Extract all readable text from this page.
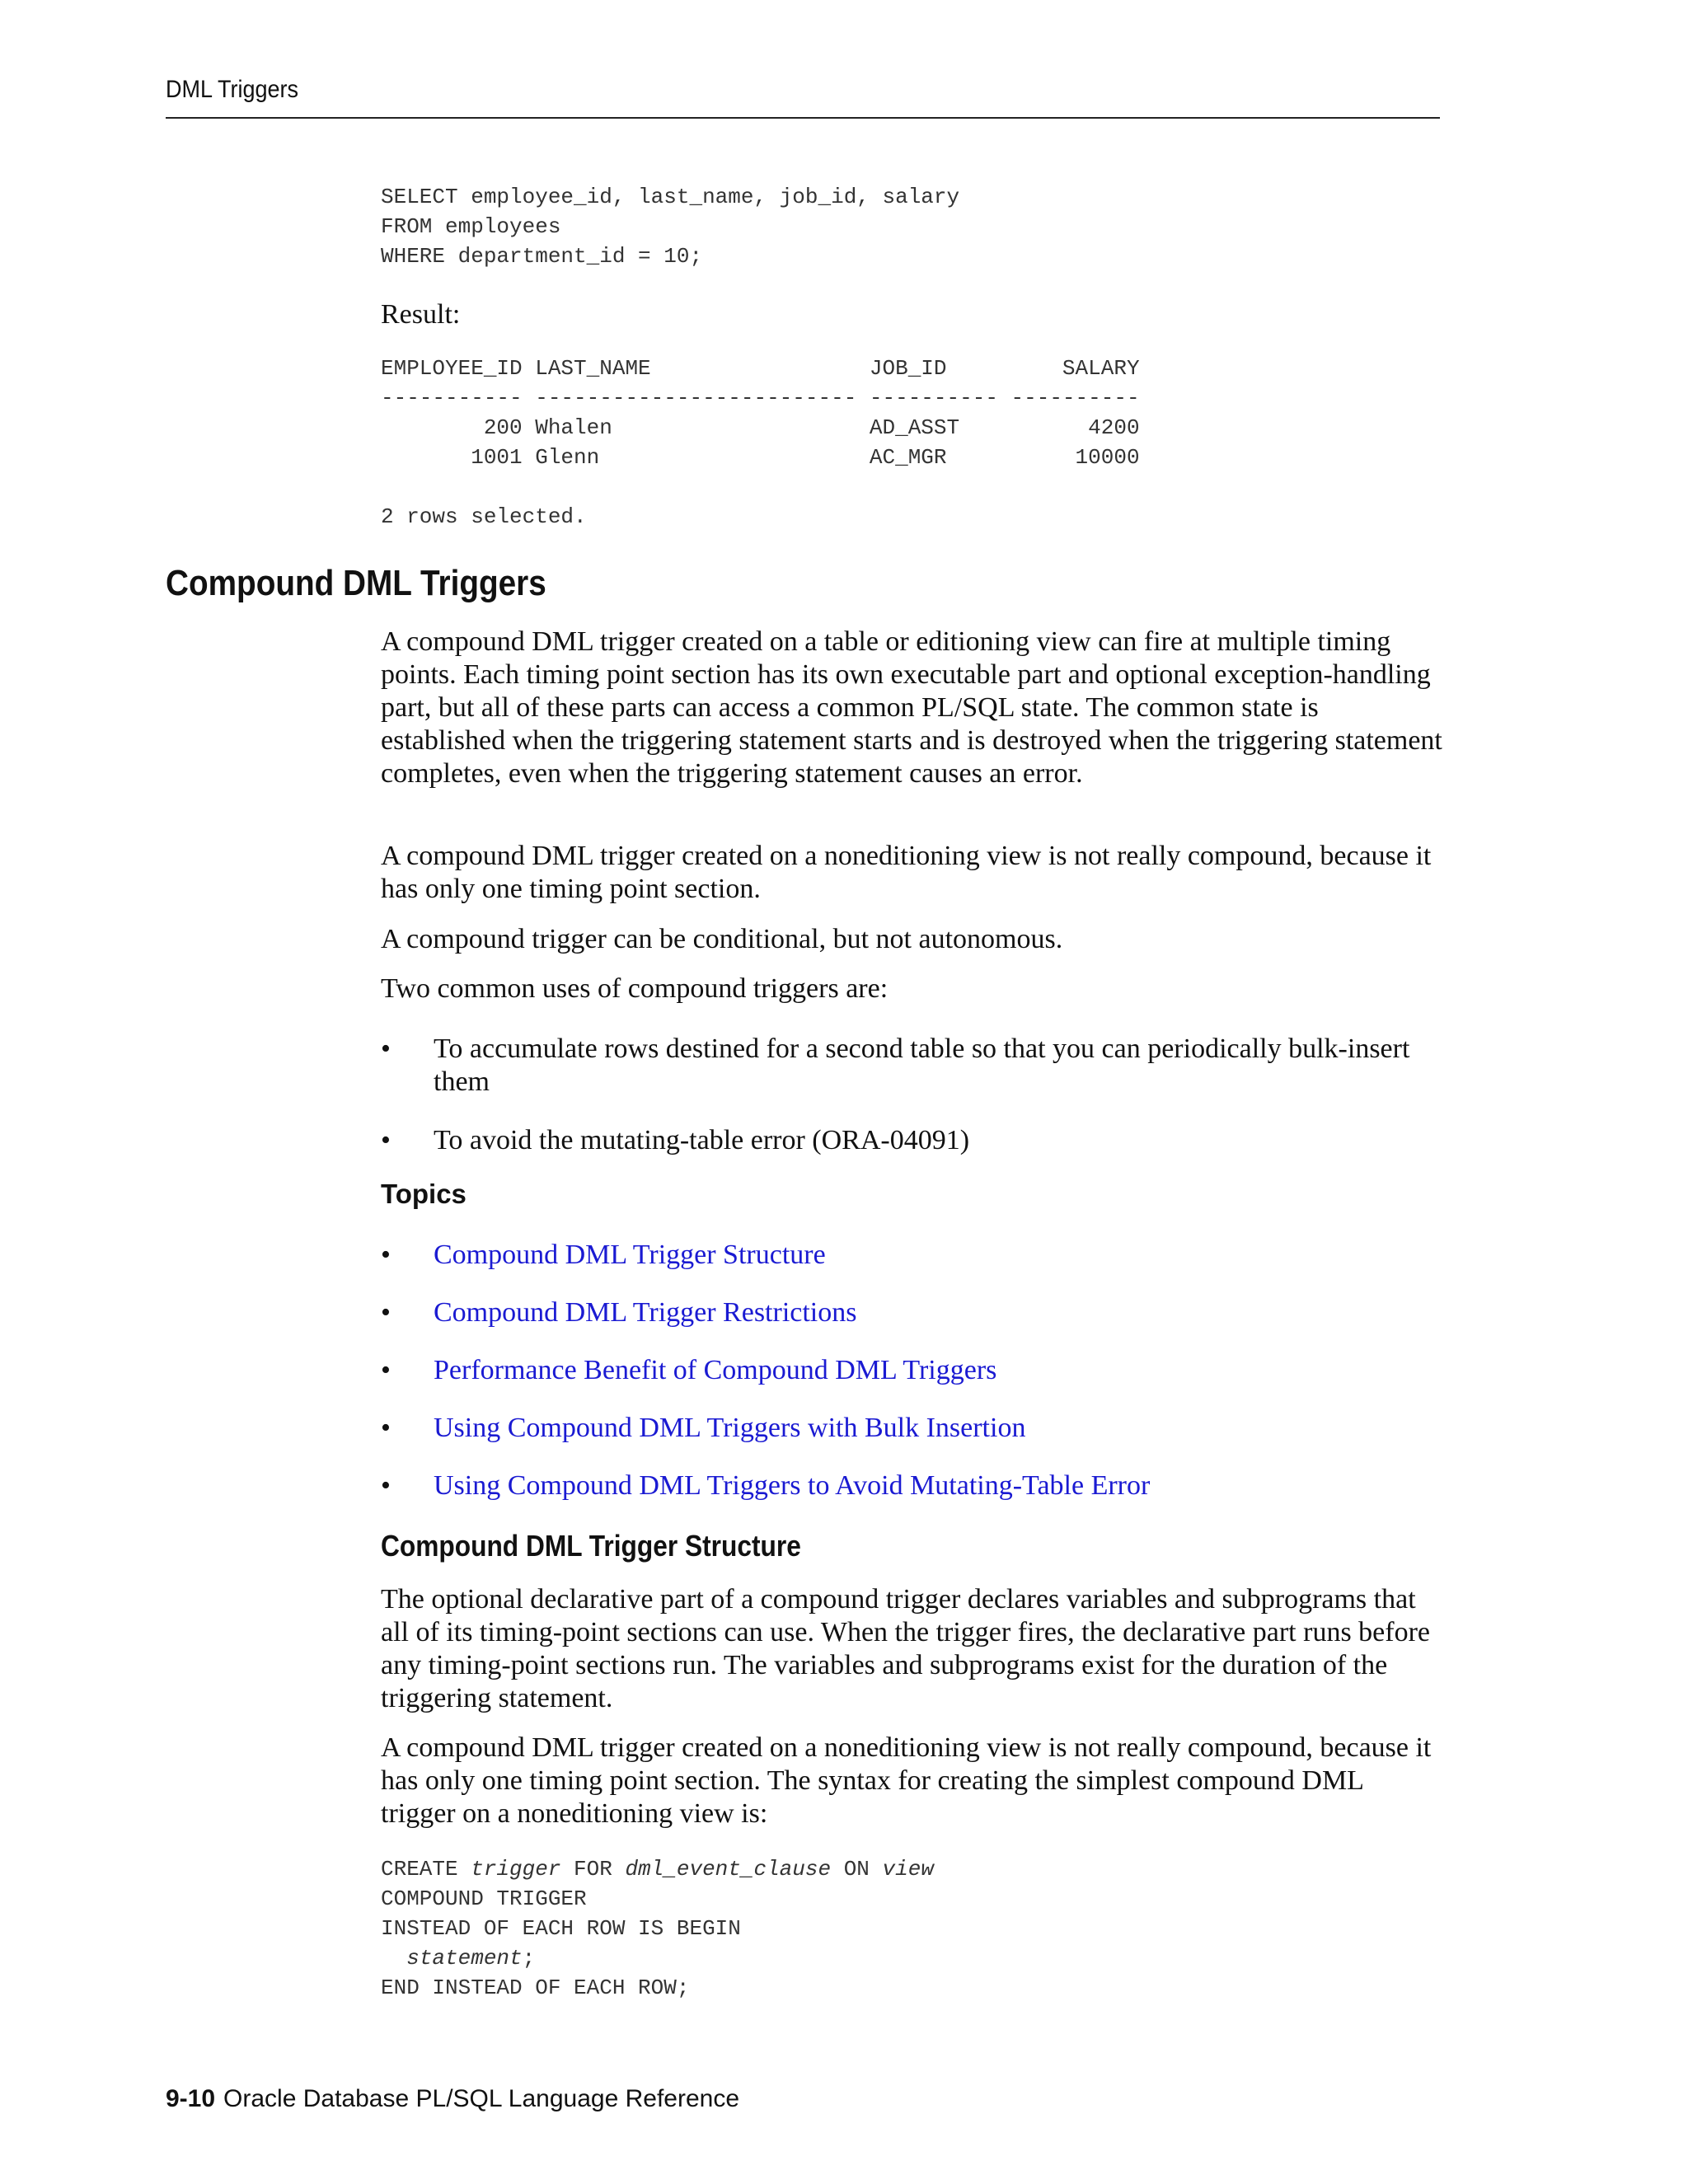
DML Triggers
SELECT employee_id, last_name, job_id, salary
FROM employees
WHERE department_id = 10;
Result:
EMPLOYEE_ID LAST_NAME                 JOB_ID         SALARY
----------- ------------------------- ---------- ----------
200 Whalen                    AD_ASST          4200
1001 Glenn                     AC_MGR          10000

2 rows selected.
Compound DML Triggers

A compound DML trigger created on a table or editioning view can fire at multiple timing points. Each timing point section has its own executable part and optional exception-handling part, but all of these parts can access a common PL/SQL state. The common state is established when the triggering statement starts and is destroyed when the triggering statement completes, even when the triggering statement causes an error.

A compound DML trigger created on a noneditioning view is not really compound, because it has only one timing point section.

A compound trigger can be conditional, but not autonomous.

Two common uses of compound triggers are:

• To accumulate rows destined for a second table so that you can periodically bulk-insert them
• To avoid the mutating-table error (ORA-04091)
Topics
• Compound DML Trigger Structure
• Compound DML Trigger Restrictions
• Performance Benefit of Compound DML Triggers
• Using Compound DML Triggers with Bulk Insertion
• Using Compound DML Triggers to Avoid Mutating-Table Error
Compound DML Trigger Structure

The optional declarative part of a compound trigger declares variables and subprograms that all of its timing-point sections can use. When the trigger fires, the declarative part runs before any timing-point sections run. The variables and subprograms exist for the duration of the triggering statement.

A compound DML trigger created on a noneditioning view is not really compound, because it has only one timing point section. The syntax for creating the simplest compound DML trigger on a noneditioning view is:

CREATE trigger FOR dml_event_clause ON view
COMPOUND TRIGGER
INSTEAD OF EACH ROW IS BEGIN
statement;
END INSTEAD OF EACH ROW;
9-10 Oracle Database PL/SQL Language Reference
